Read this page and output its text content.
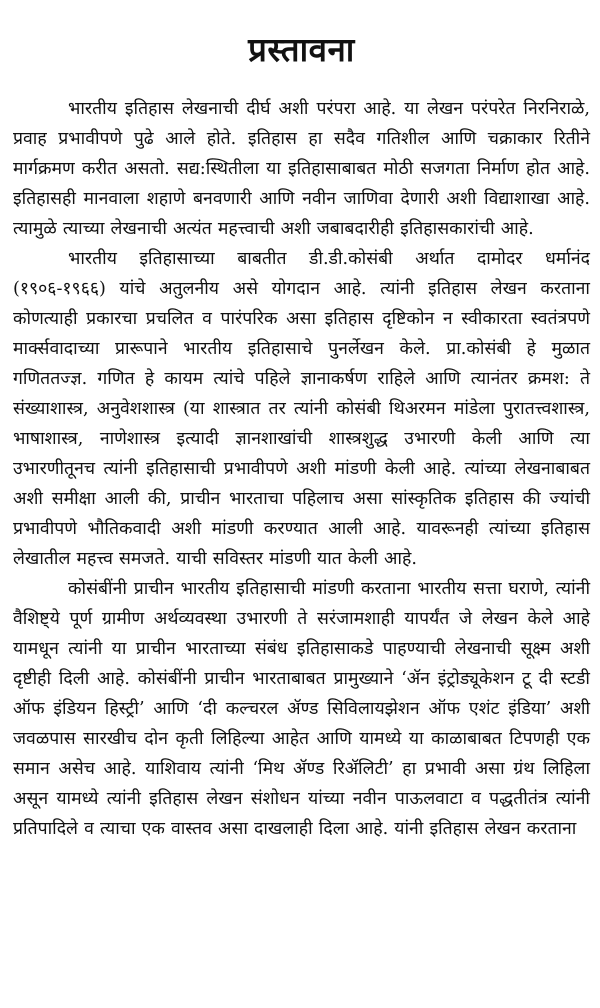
प्रस्तावना

भारतीय इतिहास लेखनाची दीर्घ अशी परंपरा आहे. या लेखन परंपरेत निरनिराळे, प्रवाह प्रभावीपणे पुढे आले होते. इतिहास हा सदैव गतिशील आणि चक्राकार रितीने मार्गक्रमण करीत असतो. सद्य:स्थितीला या इतिहासाबाबत मोठी सजगता निर्माण होत आहे. इतिहासही मानवाला शहाणे बनवणारी आणि नवीन जाणिवा देणारी अशी विद्याशाखा आहे. त्यामुळे त्याच्या लेखनाची अत्यंत महत्त्वाची अशी जबाबदारीही इतिहासकारांची आहे.

भारतीय इतिहासाच्या बाबतीत डी.डी.कोसंबी अर्थात दामोदर धर्मानंद (१९०६-१९६६) यांचे अतुलनीय असे योगदान आहे. त्यांनी इतिहास लेखन करताना कोणत्याही प्रकारचा प्रचलित व पारंपरिक असा इतिहास दृष्टिकोन न स्वीकारता स्वतंत्रपणे मार्क्सवादाच्या प्रारूपाने भारतीय इतिहासाचे पुनर्लेखन केले. प्रा.कोसंबी हे मुळात गणिततज्ज्ञ. गणित हे कायम त्यांचे पहिले ज्ञानाकर्षण राहिले आणि त्यानंतर क्रमश: ते संख्याशास्त्र, अनुवेशशास्त्र (या शास्त्रात तर त्यांनी कोसंबी थिअरमन मांडेला पुरातत्त्वशास्त्र, भाषाशास्त्र, नाणेशास्त्र इत्यादी ज्ञानशाखांची शास्त्रशुद्ध उभारणी केली आणि त्या उभारणीतूनच त्यांनी इतिहासाची प्रभावीपणे अशी मांडणी केली आहे. त्यांच्या लेखनाबाबत अशी समीक्षा आली की, प्राचीन भारताचा पहिलाच असा सांस्कृतिक इतिहास की ज्यांची प्रभावीपणे भौतिकवादी अशी मांडणी करण्यात आली आहे. यावरूनही त्यांच्या इतिहास लेखातील महत्त्व समजते. याची सविस्तर मांडणी यात केली आहे.

कोसंबींनी प्राचीन भारतीय इतिहासाची मांडणी करताना भारतीय सत्ता घराणे, त्यांनी वैशिष्ट्ये पूर्ण ग्रामीण अर्थव्यवस्था उभारणी ते सरंजामशाही यापर्यंत जे लेखन केले आहे यामधून त्यांनी या प्राचीन भारताच्या संबंध इतिहासाकडे पाहण्याची लेखनाची सूक्ष्म अशी दृष्टीही दिली आहे. कोसंबींनी प्राचीन भारताबाबत प्रामुख्याने ‘ॲन इंट्रोड्यूकेशन टू दी स्टडी ऑफ इंडियन हिस्ट्री’ आणि ‘दी कल्चरल ॲण्ड सिविलायझेशन ऑफ एशंट इंडिया’ अशी जवळपास सारखीच दोन कृती लिहिल्या आहेत आणि यामध्ये या काळाबाबत टिपणही एक समान असेच आहे. याशिवाय त्यांनी ‘मिथ ॲण्ड रिॲलिटी’ हा प्रभावी असा ग्रंथ लिहिला असून यामध्ये त्यांनी इतिहास लेखन संशोधन यांच्या नवीन पाऊलवाटा व पद्धतीतंत्र त्यांनी प्रतिपादिले व त्याचा एक वास्तव असा दाखलाही दिला आहे. यांनी इतिहास लेखन करताना
